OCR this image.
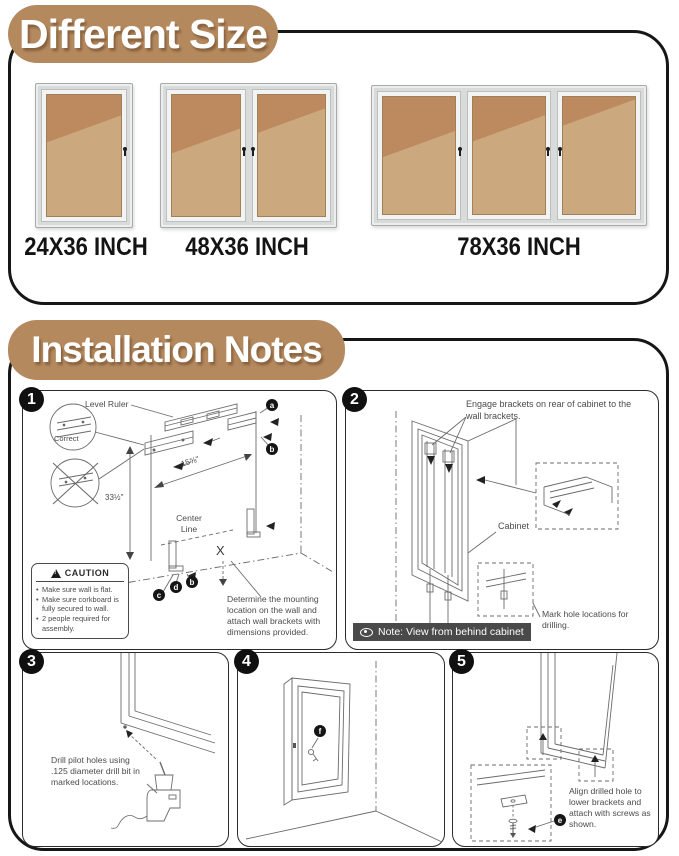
Different Size
24X36 INCH	48X36 INCH	78X36 INCH
Installation Notes
1	2
3	4	5
Level Ruler
Correct
15⅝"
33½"
Center Line
X
a
b
c
d
b
!
CAUTION
• Make sure wall is flat.
• Make sure corkboard is fully secured to wall.
• 2 people required for assembly.
Determine the mounting location on the wall and attach wall brackets with dimensions provided.
Engage brackets on rear of cabinet to the wall brackets.
Cabinet
Mark hole locations for drilling.
Note: View from behind cabinet
Drill pilot holes using .125 diameter drill bit in marked locations.
f
e
Align drilled hole to lower brackets and attach with screws as shown.
